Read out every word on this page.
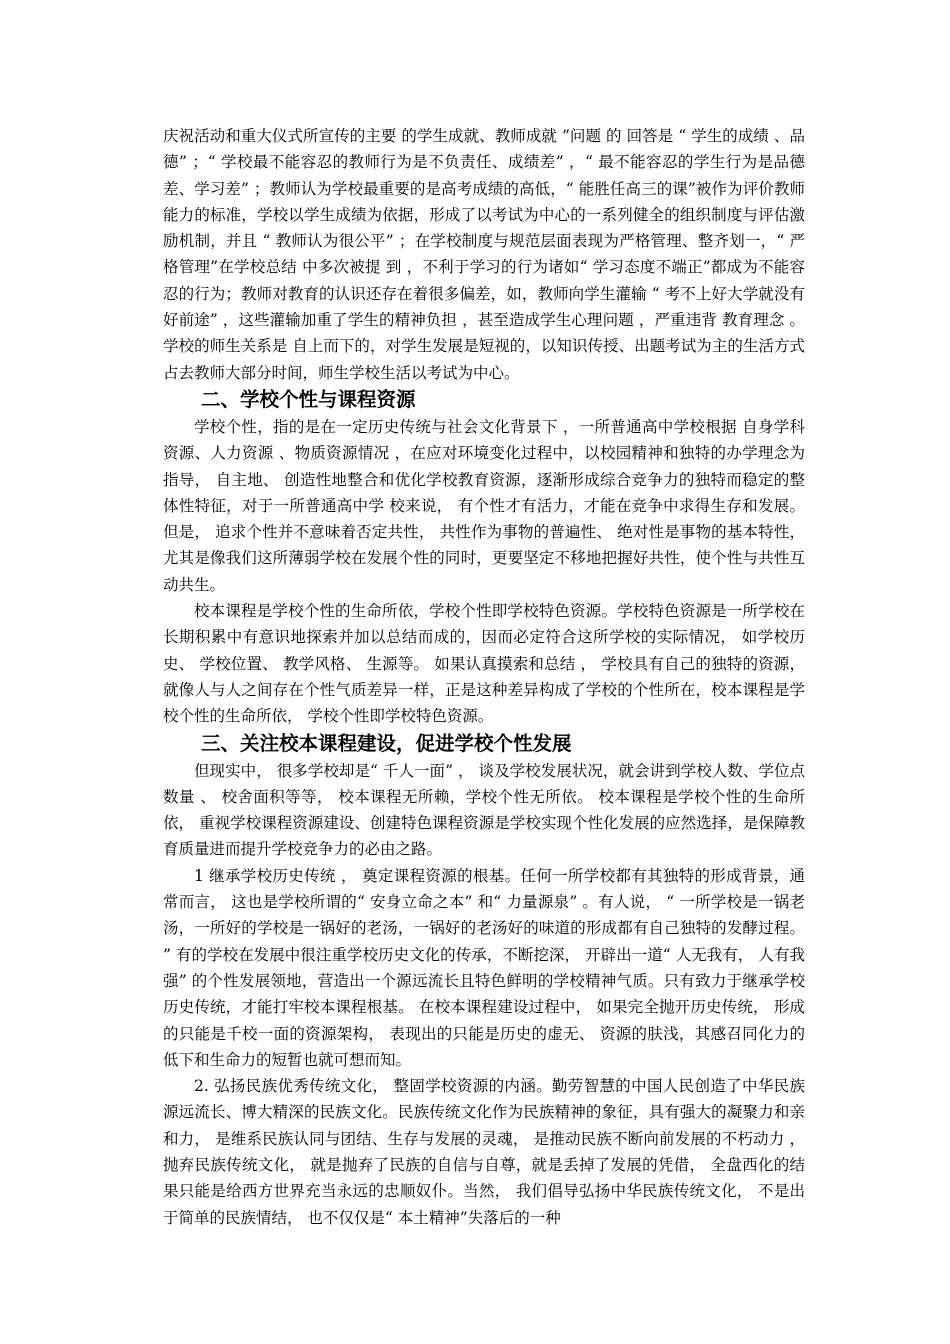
庆祝活动和重大仪式所宣传的主要 的学生成就、教师成就 ”问题 的 回答是 “ 学生的成绩 、品德” ；“ 学校最不能容忍的教师行为是不负责任、成绩差” ，“ 最不能容忍的学生行为是品德差、学习差” ；教师认为学校最重要的是高考成绩的高低，“ 能胜任高三的课”被作为评价教师能力的标准，学校以学生成绩为依据，形成了以考试为中心的一系列健全的组织制度与评估激励机制，并且 “ 教师认为很公平” ；在学校制度与规范层面表现为严格管理、整齐划一，“ 严格管理”在学校总结 中多次被提 到 ，不利于学习的行为诸如“ 学习态度不端正”都成为不能容忍的行为；教师对教育的认识还存在着很多偏差，如，教师向学生灌输 “ 考不上好大学就没有好前途” ，这些灌输加重了学生的精神负担 ，甚至造成学生心理问题 ，严重违背 教育理念 。学校的师生关系是 自上而下的，对学生发展是短视的，以知识传授、出题考试为主的生活方式占去教师大部分时间，师生学校生活以考试为中心。

二、学校个性与课程资源

学校个性，指的是在一定历史传统与社会文化背景下 ，一所普通高中学校根据 自身学科资源、人力资源 、物质资源情况 ，在应对环境变化过程中，以校园精神和独特的办学理念为指导， 自主地、 创造性地整合和优化学校教育资源，逐渐形成综合竞争力的独特而稳定的整体性特征，对于一所普通高中学 校来说， 有个性才有活力，才能在竞争中求得生存和发展。但是， 追求个性并不意味着否定共性， 共性作为事物的普遍性、 绝对性是事物的基本特性， 尤其是像我们这所薄弱学校在发展个性的同时，更要坚定不移地把握好共性，使个性与共性互动共生。

校本课程是学校个性的生命所依，学校个性即学校特色资源。学校特色资源是一所学校在长期积累中有意识地探索并加以总结而成的，因而必定符合这所学校的实际情况， 如学校历史、 学校位置、 教学风格、 生源等。 如果认真摸索和总结 ， 学校具有自己的独特的资源，就像人与人之间存在个性气质差异一样，正是这种差异构成了学校的个性所在，校本课程是学校个性的生命所依， 学校个性即学校特色资源。

三、关注校本课程建设，促进学校个性发展

但现实中， 很多学校却是“ 千人一面” ， 谈及学校发展状况，就会讲到学校人数、学位点数量 、 校舍面积等等， 校本课程无所赖，学校个性无所依。 校本课程是学校个性的生命所依， 重视学校课程资源建设、创建特色课程资源是学校实现个性化发展的应然选择，是保障教育质量进而提升学校竞争力的必由之路。

1 继承学校历史传统 ， 奠定课程资源的根基。任何一所学校都有其独特的形成背景，通常而言， 这也是学校所谓的“ 安身立命之本” 和“ 力量源泉” 。有人说， “ 一所学校是一锅老汤，一所好的学校是一锅好的老汤，一锅好的老汤好的味道的形成都有自己独特的发酵过程。 ” 有的学校在发展中很注重学校历史文化的传承，不断挖深， 开辟出一道“ 人无我有， 人有我强” 的个性发展领地，营造出一个源远流长且特色鲜明的学校精神气质。只有致力于继承学校历史传统，才能打牢校本课程根基。 在校本课程建设过程中， 如果完全抛开历史传统， 形成的只能是千校一面的资源架构， 表现出的只能是历史的虚无、 资源的肤浅，其感召同化力的低下和生命力的短暂也就可想而知。

2. 弘扬民族优秀传统文化， 整固学校资源的内涵。勤劳智慧的中国人民创造了中华民族源远流长、博大精深的民族文化。民族传统文化作为民族精神的象征，具有强大的凝聚力和亲和力， 是维系民族认同与团结、生存与发展的灵魂， 是推动民族不断向前发展的不朽动力 ， 抛弃民族传统文化， 就是抛弃了民族的自信与自尊，就是丢掉了发展的凭借， 全盘西化的结果只能是给西方世界充当永远的忠顺奴仆。当然， 我们倡导弘扬中华民族传统文化， 不是出于简单的民族情结， 也不仅仅是“ 本土精神”失落后的一种
